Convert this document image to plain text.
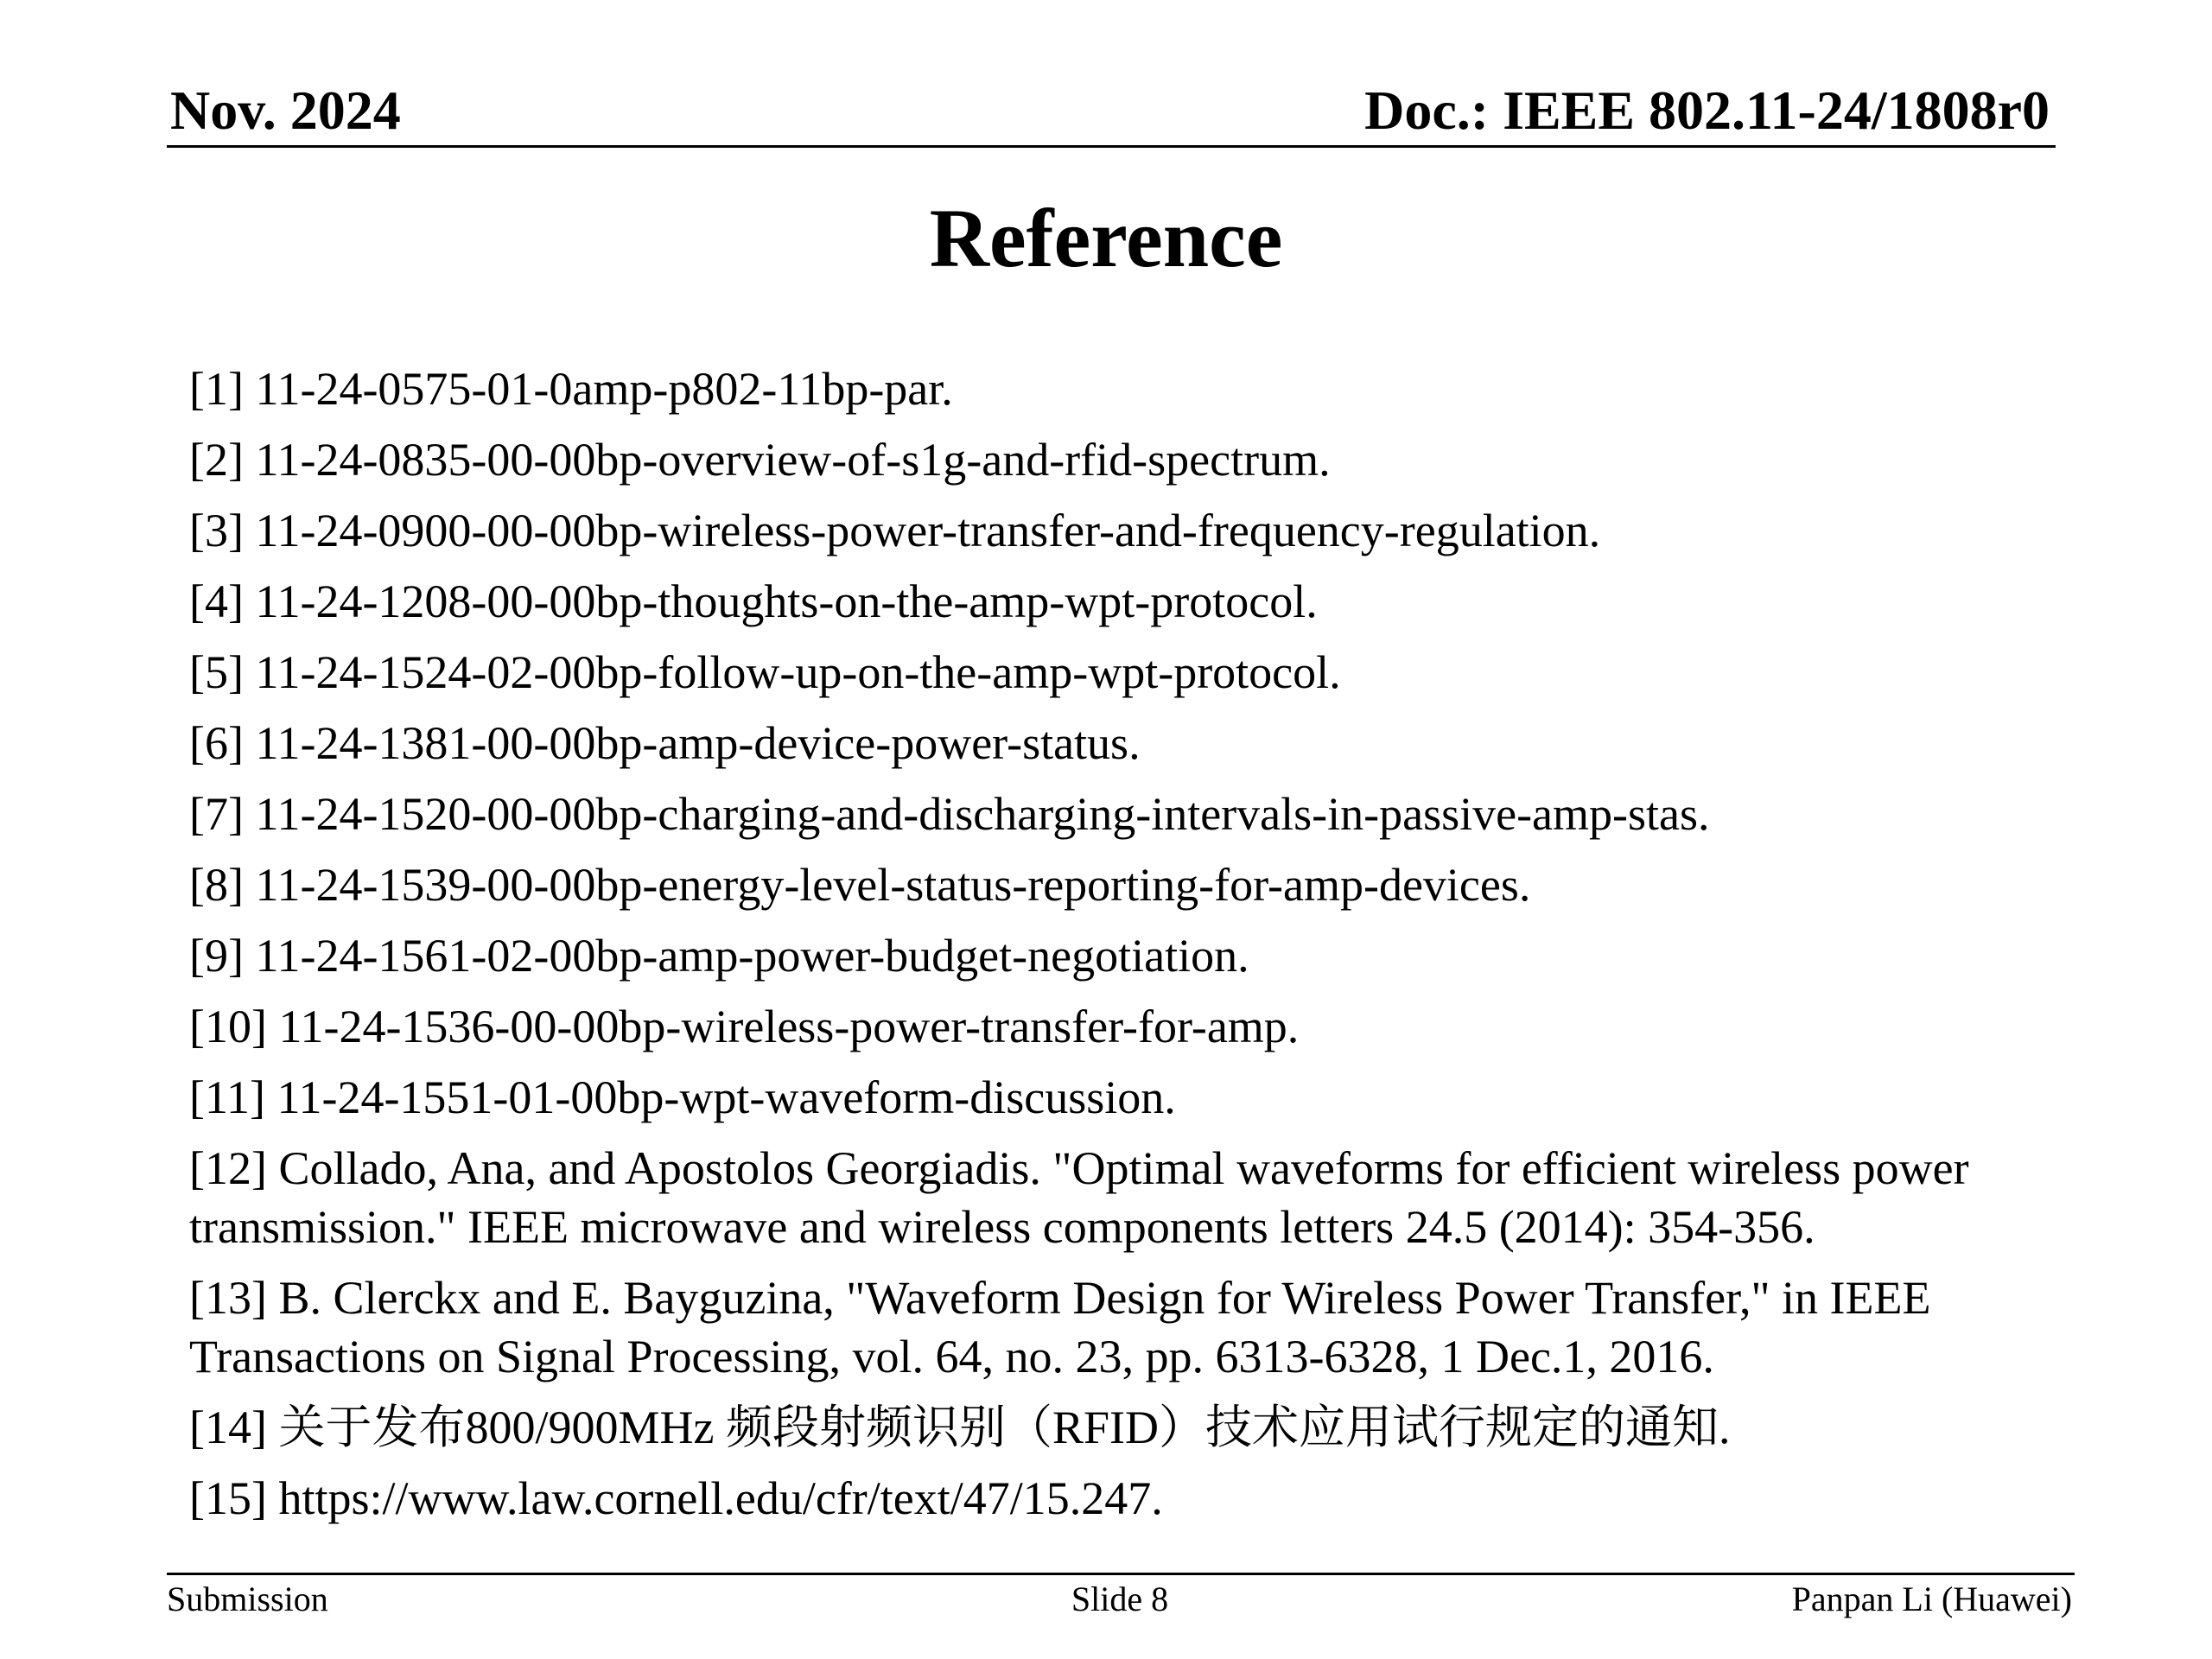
Nov. 2024	Doc.: IEEE 802.11-24/1808r0
Reference
[1] 11-24-0575-01-0amp-p802-11bp-par.
[2] 11-24-0835-00-00bp-overview-of-s1g-and-rfid-spectrum.
[3] 11-24-0900-00-00bp-wireless-power-transfer-and-frequency-regulation.
[4] 11-24-1208-00-00bp-thoughts-on-the-amp-wpt-protocol.
[5] 11-24-1524-02-00bp-follow-up-on-the-amp-wpt-protocol.
[6] 11-24-1381-00-00bp-amp-device-power-status.
[7] 11-24-1520-00-00bp-charging-and-discharging-intervals-in-passive-amp-stas.
[8] 11-24-1539-00-00bp-energy-level-status-reporting-for-amp-devices.
[9] 11-24-1561-02-00bp-amp-power-budget-negotiation.
[10] 11-24-1536-00-00bp-wireless-power-transfer-for-amp.
[11] 11-24-1551-01-00bp-wpt-waveform-discussion.
[12] Collado, Ana, and Apostolos Georgiadis. "Optimal waveforms for efficient wireless power transmission." IEEE microwave and wireless components letters 24.5 (2014): 354-356.
[13] B. Clerckx and E. Bayguzina, "Waveform Design for Wireless Power Transfer," in IEEE Transactions on Signal Processing, vol. 64, no. 23, pp. 6313-6328, 1 Dec.1, 2016.
[14] 关于发布800/900MHz 频段射频识别（RFID）技术应用试行规定的通知.
[15] https://www.law.cornell.edu/cfr/text/47/15.247.
Submission	Slide 8	Panpan Li (Huawei)
